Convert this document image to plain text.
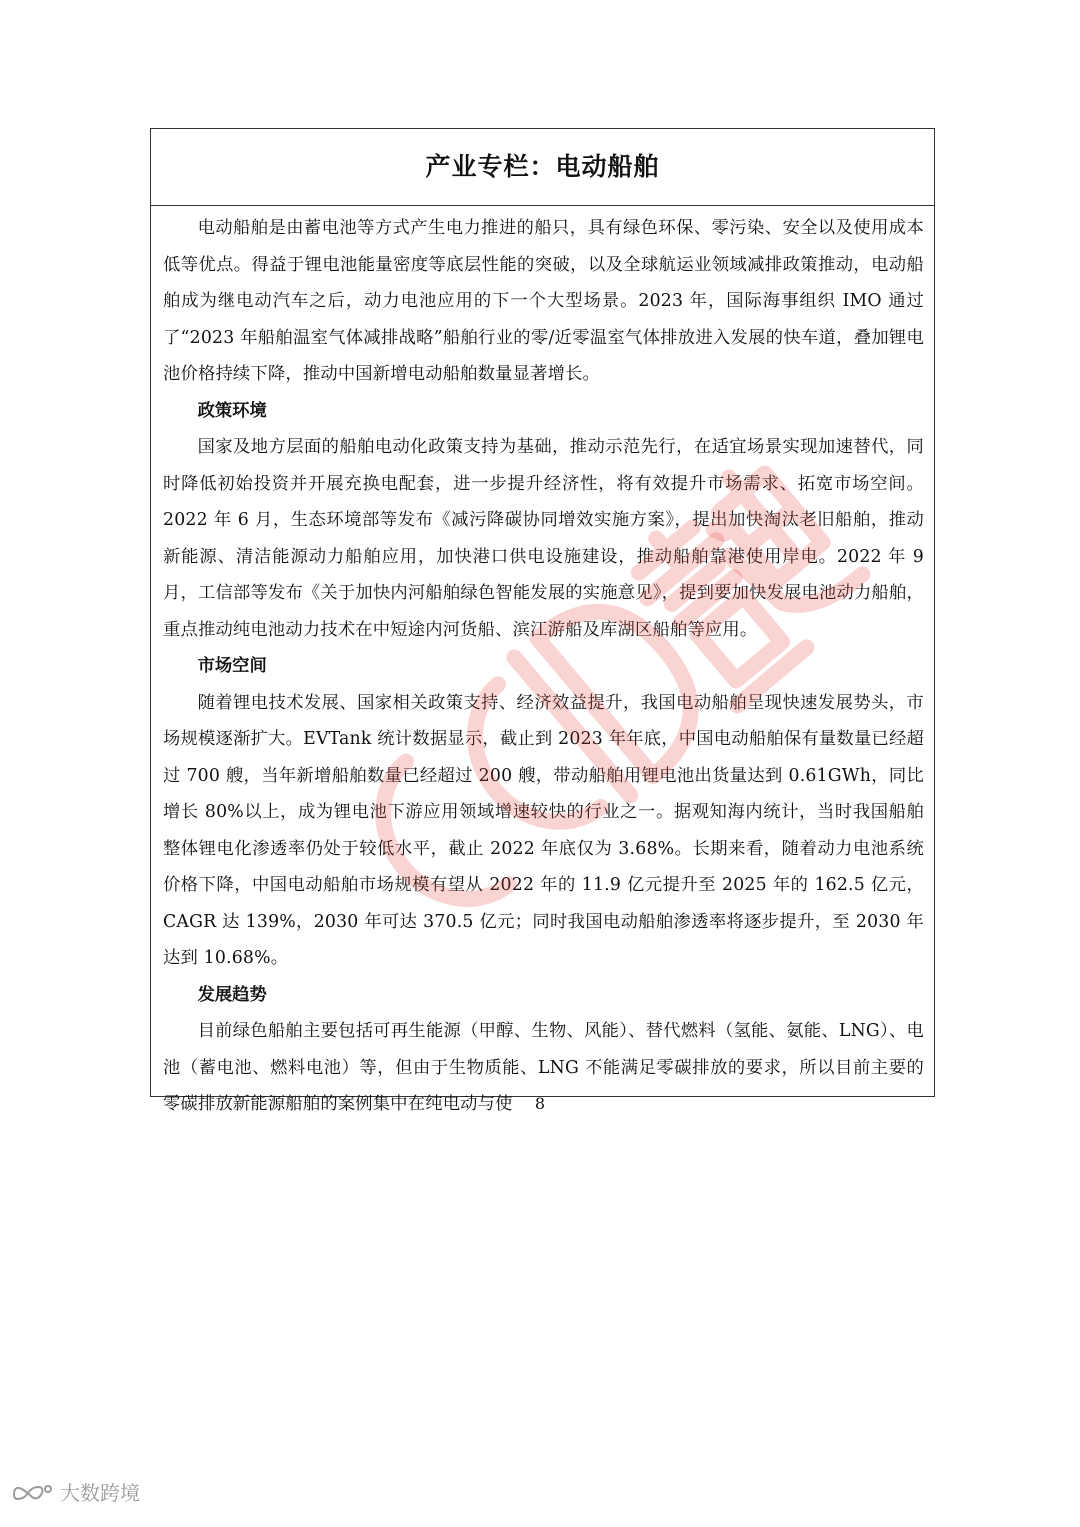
产业专栏：电动船舶

电动船舶是由蓄电池等方式产生电力推进的船只，具有绿色环保、零污染、安全以及使用成本低等优点。得益于锂电池能量密度等底层性能的突破，以及全球航运业领域减排政策推动，电动船舶成为继电动汽车之后，动力电池应用的下一个大型场景。2023 年，国际海事组织 IMO 通过了“2023 年船舶温室气体减排战略”船舶行业的零/近零温室气体排放进入发展的快车道，叠加锂电池价格持续下降，推动中国新增电动船舶数量显著增长。

政策环境

国家及地方层面的船舶电动化政策支持为基础，推动示范先行，在适宜场景实现加速替代，同时降低初始投资并开展充换电配套，进一步提升经济性，将有效提升市场需求、拓宽市场空间。2022 年 6 月，生态环境部等发布《减污降碳协同增效实施方案》，提出加快淘汰老旧船舶，推动新能源、清洁能源动力船舶应用，加快港口供电设施建设，推动船舶靠港使用岸电。2022 年 9 月，工信部等发布《关于加快内河船舶绿色智能发展的实施意见》，提到要加快发展电池动力船舶，重点推动纯电池动力技术在中短途内河货船、滨江游船及库湖区船舶等应用。

市场空间

随着锂电技术发展、国家相关政策支持、经济效益提升，我国电动船舶呈现快速发展势头，市场规模逐渐扩大。EVTank 统计数据显示，截止到 2023 年年底，中国电动船舶保有量数量已经超过 700 艘，当年新增船舶数量已经超过 200 艘，带动船舶用锂电池出货量达到 0.61GWh，同比增长 80%以上，成为锂电池下游应用领域增速较快的行业之一。据观知海内统计，当时我国船舶整体锂电化渗透率仍处于较低水平，截止 2022 年底仅为 3.68%。长期来看，随着动力电池系统价格下降，中国电动船舶市场规模有望从 2022 年的 11.9 亿元提升至 2025 年的 162.5 亿元，CAGR 达 139%，2030 年可达 370.5 亿元；同时我国电动船舶渗透率将逐步提升，至 2030 年达到 10.68%。

发展趋势

目前绿色船舶主要包括可再生能源（甲醇、生物、风能）、替代燃料（氢能、氨能、LNG）、电池（蓄电池、燃料电池）等，但由于生物质能、LNG 不能满足零碳排放的要求，所以目前主要的零碳排放新能源船舶的案例集中在纯电动与使	8
大数跨境
